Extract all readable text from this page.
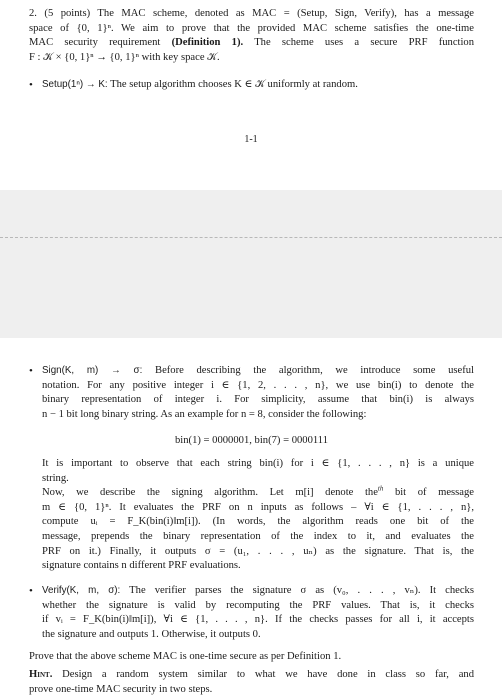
2. (5 points) The MAC scheme, denoted as MAC = (Setup, Sign, Verify), has a message
space of {0, 1}ⁿ. We aim to prove that the provided MAC scheme satisfies the one-time
MAC security requirement (Definition 1). The scheme uses a secure PRF function
F : 𝒦 × {0, 1}ⁿ → {0, 1}ⁿ with key space 𝒦.
• Setup(1ⁿ) → K: The setup algorithm chooses K ∈ 𝒦 uniformly at random.
1-1
• Sign(K, m) → σ: Before describing the algorithm, we introduce some useful
notation. For any positive integer i ∈ {1, 2, . . . , n}, we use bin(i) to denote the
binary representation of integer i. For simplicity, assume that bin(i) is always
n − 1 bit long binary string. As an example for n = 8, consider the following:
bin(1) = 0000001, bin(7) = 0000111
It is important to observe that each string bin(i) for i ∈ {1, . . . , n} is a unique
string.
Now, we describe the signing algorithm. Let m[i] denote the$^{th}$ bit of message
m ∈ {0, 1}ⁿ. It evaluates the PRF on n inputs as follows – ∀i ∈ {1, . . . , n},
compute uᵢ = F_K(bin(i)‖m[i]). (In words, the algorithm reads one bit of the
message, prepends the binary representation of the index to it, and evaluates the
PRF on it.) Finally, it outputs σ = (u₁, . . . , uₙ) as the signature. That is, the
signature contains n different PRF evaluations.
• Verify(K, m, σ): The verifier parses the signature σ as (v₀, . . . , vₙ). It checks
whether the signature is valid by recomputing the PRF values. That is, it checks
if vᵢ = F_K(bin(i)‖m[i]), ∀i ∈ {1, . . . , n}. If the checks passes for all i, it accepts
the signature and outputs 1. Otherwise, it outputs 0.
Prove that the above scheme MAC is one-time secure as per Definition 1.
Hint. Design a random system similar to what we have done in class so far, and
prove one-time MAC security in two steps.
